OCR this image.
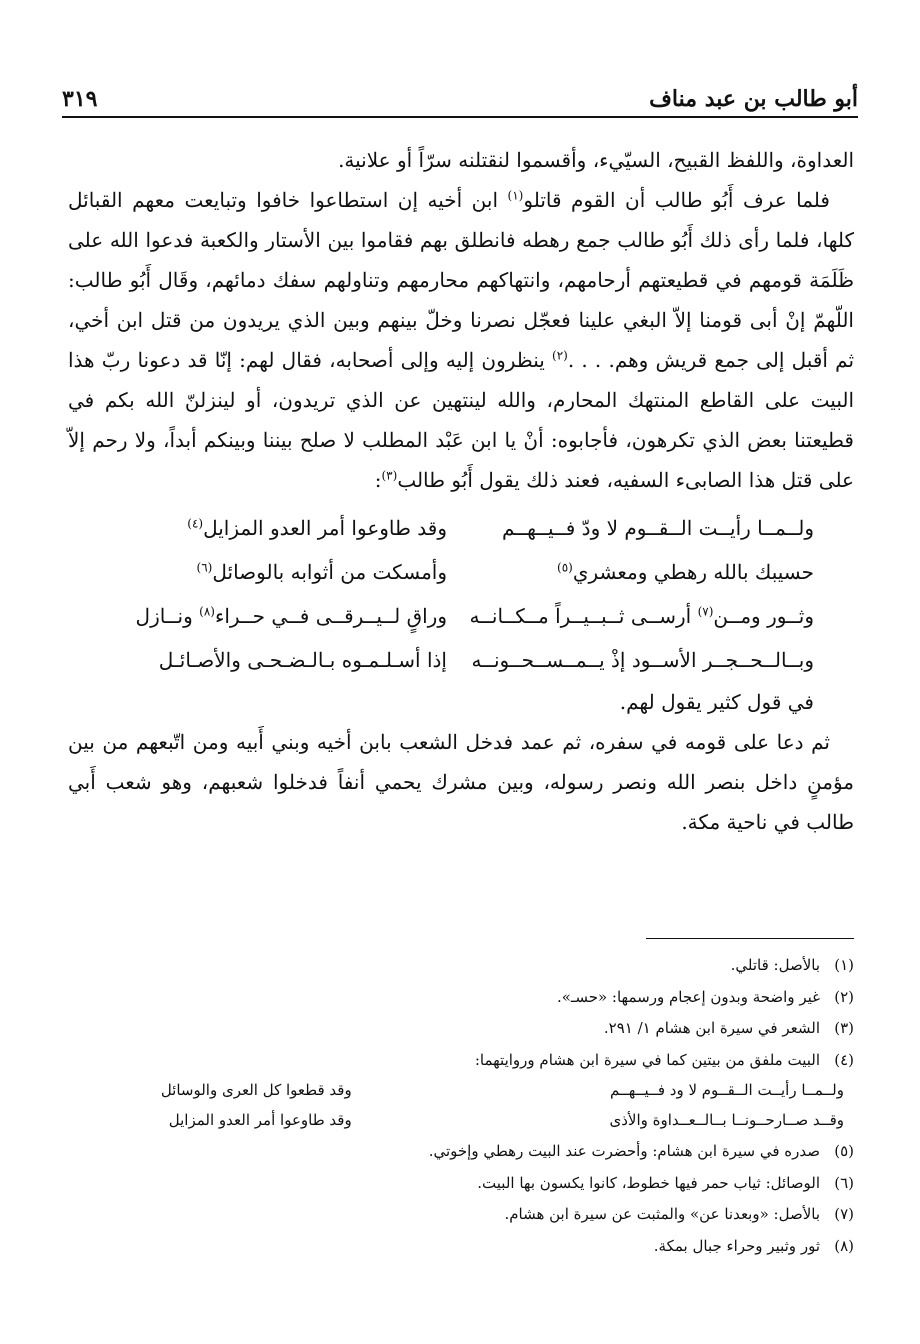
أبو طالب بن عبد مناف
٣١٩

العداوة، واللفظ القبيح، السيّيء، وأقسموا لنقتلنه سرّاً أو علانية.

فلما عرف أَبُو طالب أن القوم قاتلو$^{(١)}$ ابن أخيه إن استطاعوا خافوا وتبايعت معهم القبائل كلها، فلما رأى ذلك أَبُو طالب جمع رهطه فانطلق بهم فقاموا بين الأستار والكعبة فدعوا الله على ظَلَمَة قومهم في قطيعتهم أرحامهم، وانتهاكهم محارمهم وتناولهم سفك دمائهم، وقَال أَبُو طالب: اللّهمّ إنْ أبى قومنا إلاّ البغي علينا فعجّل نصرنا وخلّ بينهم وبين الذي يريدون من قتل ابن أخي، ثم أقبل إلى جمع قريش وهم. . . .$^{(٢)}$ ينظرون إليه وإلى أصحابه، فقال لهم: إنّا قد دعونا ربّ هذا البيت على القاطع المنتهك المحارم، والله لينتهين عن الذي تريدون، أو لينزلنّ الله بكم في قطيعتنا بعض الذي تكرهون، فأجابوه: أنْ يا ابن عَبْد المطلب لا صلح بيننا وبينكم أبداً، ولا رحم إلاّ على قتل هذا الصابىء السفيه، فعند ذلك يقول أَبُو طالب$^{(٣)}$:

ولــمــا رأيــت الــقــوم لا ودّ فــيــهــم
وقد طاوعوا أمر العدو المزايل$^{(٤)}$
حسيبك بالله رهطي ومعشري$^{(٥)}$
وأمسكت من أثوابه بالوصائل$^{(٦)}$
وثــور ومــن$^{(٧)}$ أرســى ثــبــيــراً مــكــانــه
وراقٍ لــيــرقــى فــي حــراء$^{(٨)}$ ونــازل
وبــالــحــجــر الأســود إذْ يــمــســحــونــه
إذا أسـلـمـوه بـالـضـحـى والأصـائـل
في قول كثير يقول لهم.

ثم دعا على قومه في سفره، ثم عمد فدخل الشعب بابن أخيه وبني أَبيه ومن اتّبعهم من بين مؤمنٍ داخل بنصر الله ونصر رسوله، وبين مشرك يحمي أنفاً فدخلوا شعبهم، وهو شعب أَبي طالب في ناحية مكة.

(١)
بالأصل: قاتلي.
(٢)
غير واضحة وبدون إعجام ورسمها: «حسـ».
(٣)
الشعر في سيرة ابن هشام ١/ ٢٩١.
(٤)
البيت ملفق من بيتين كما في سيرة ابن هشام وروايتهما:
ولــمــا رأيــت الــقــوم لا ود فــيــهــم
وقد قطعوا كل العرى والوسائل
وقــد صــارحــونــا بــالــعــداوة والأذى
وقد طاوعوا أمر العدو المزايل
(٥)
صدره في سيرة ابن هشام: وأحضرت عند البيت رهطي وإخوتي.
(٦)
الوصائل: ثياب حمر فيها خطوط، كانوا يكسون بها البيت.
(٧)
بالأصل: «وبعدنا عن» والمثبت عن سيرة ابن هشام.
(٨)
ثور وثبير وحراء جبال بمكة.
